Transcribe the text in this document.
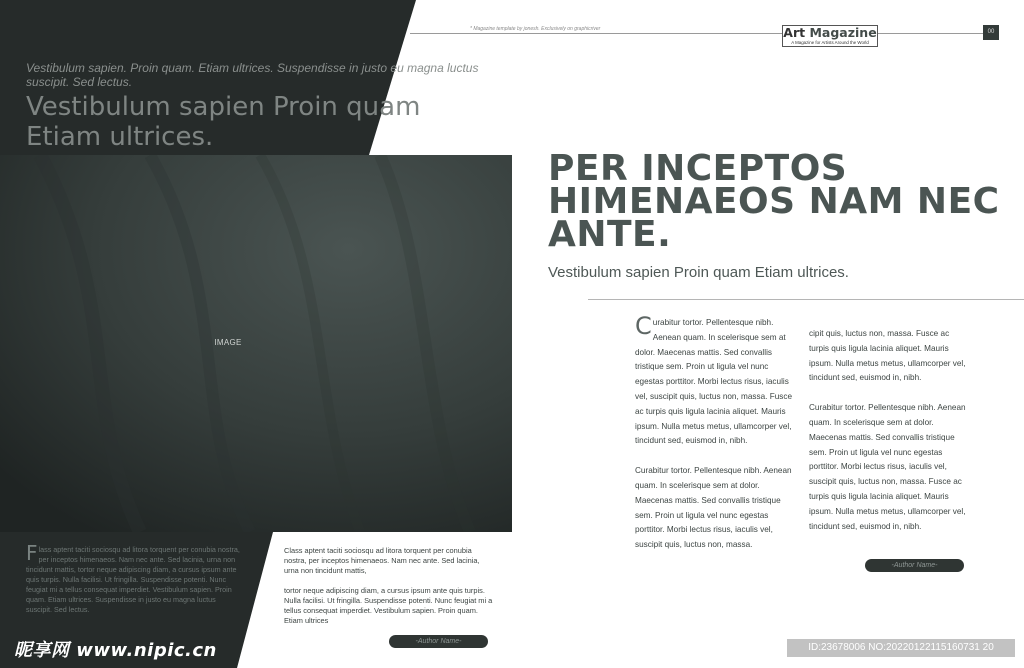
* Magazine template by jonesh. Exclusively on graphicriver	Art Magazine
A Magazine for Artists Around the World
00
Vestibulum sapien. Proin quam. Etiam ultrices. Suspendisse in justo eu magna luctus suscipit. Sed lectus.
Vestibulum sapien Proin quam Etiam ultrices.
IMAGE
PER INCEPTOS HIMENAEOS NAM NEC ANTE.
Vestibulum sapien Proin quam Etiam ultrices.

Curabitur tortor. Pellentesque nibh. Aenean quam. In scelerisque sem at dolor. Maecenas mattis. Sed convallis tristique sem. Proin ut ligula vel nunc egestas porttitor. Morbi lectus risus, iaculis vel, suscipit quis, luctus non, massa. Fusce ac turpis quis ligula lacinia aliquet. Mauris ipsum. Nulla metus metus, ullamcorper vel, tincidunt sed, euismod in, nibh.

Curabitur tortor. Pellentesque nibh. Aenean quam. In scelerisque sem at dolor. Maecenas mattis. Sed convallis tristique sem. Proin ut ligula vel nunc egestas porttitor. Morbi lectus risus, iaculis vel, suscipit quis, luctus non, massa.

cipit quis, luctus non, massa. Fusce ac turpis quis ligula lacinia aliquet. Mauris ipsum. Nulla metus metus, ullamcorper vel, tincidunt sed, euismod in, nibh.

Curabitur tortor. Pellentesque nibh. Aenean quam. In scelerisque sem at dolor. Maecenas mattis. Sed convallis tristique sem. Proin ut ligula vel nunc egestas porttitor. Morbi lectus risus, iaculis vel, suscipit quis, luctus non, massa. Fusce ac turpis quis ligula lacinia aliquet. Mauris ipsum. Nulla metus metus, ullamcorper vel, tincidunt sed, euismod in, nibh.

-Author Name-
Flass aptent taciti sociosqu ad litora torquent per conubia nostra, per inceptos himenaeos. Nam nec ante. Sed lacinia, urna non tincidunt mattis, tortor neque adipiscing diam, a cursus ipsum ante quis turpis. Nulla facilisi. Ut fringilla. Suspendisse potenti. Nunc feugiat mi a tellus consequat imperdiet. Vestibulum sapien. Proin quam. Etiam ultrices. Suspendisse in justo eu magna luctus suscipit. Sed lectus.

Class aptent taciti sociosqu ad litora torquent per conubia nostra, per inceptos himenaeos. Nam nec ante. Sed lacinia, urna non tincidunt mattis,

tortor neque adipiscing diam, a cursus ipsum ante quis turpis. Nulla facilisi. Ut fringilla. Suspendisse potenti. Nunc feugiat mi a tellus consequat imperdiet. Vestibulum sapien. Proin quam. Etiam ultrices

-Author Name-
昵享网 www.nipic.cn	ID:23678006 NO:20220122115160731 20
